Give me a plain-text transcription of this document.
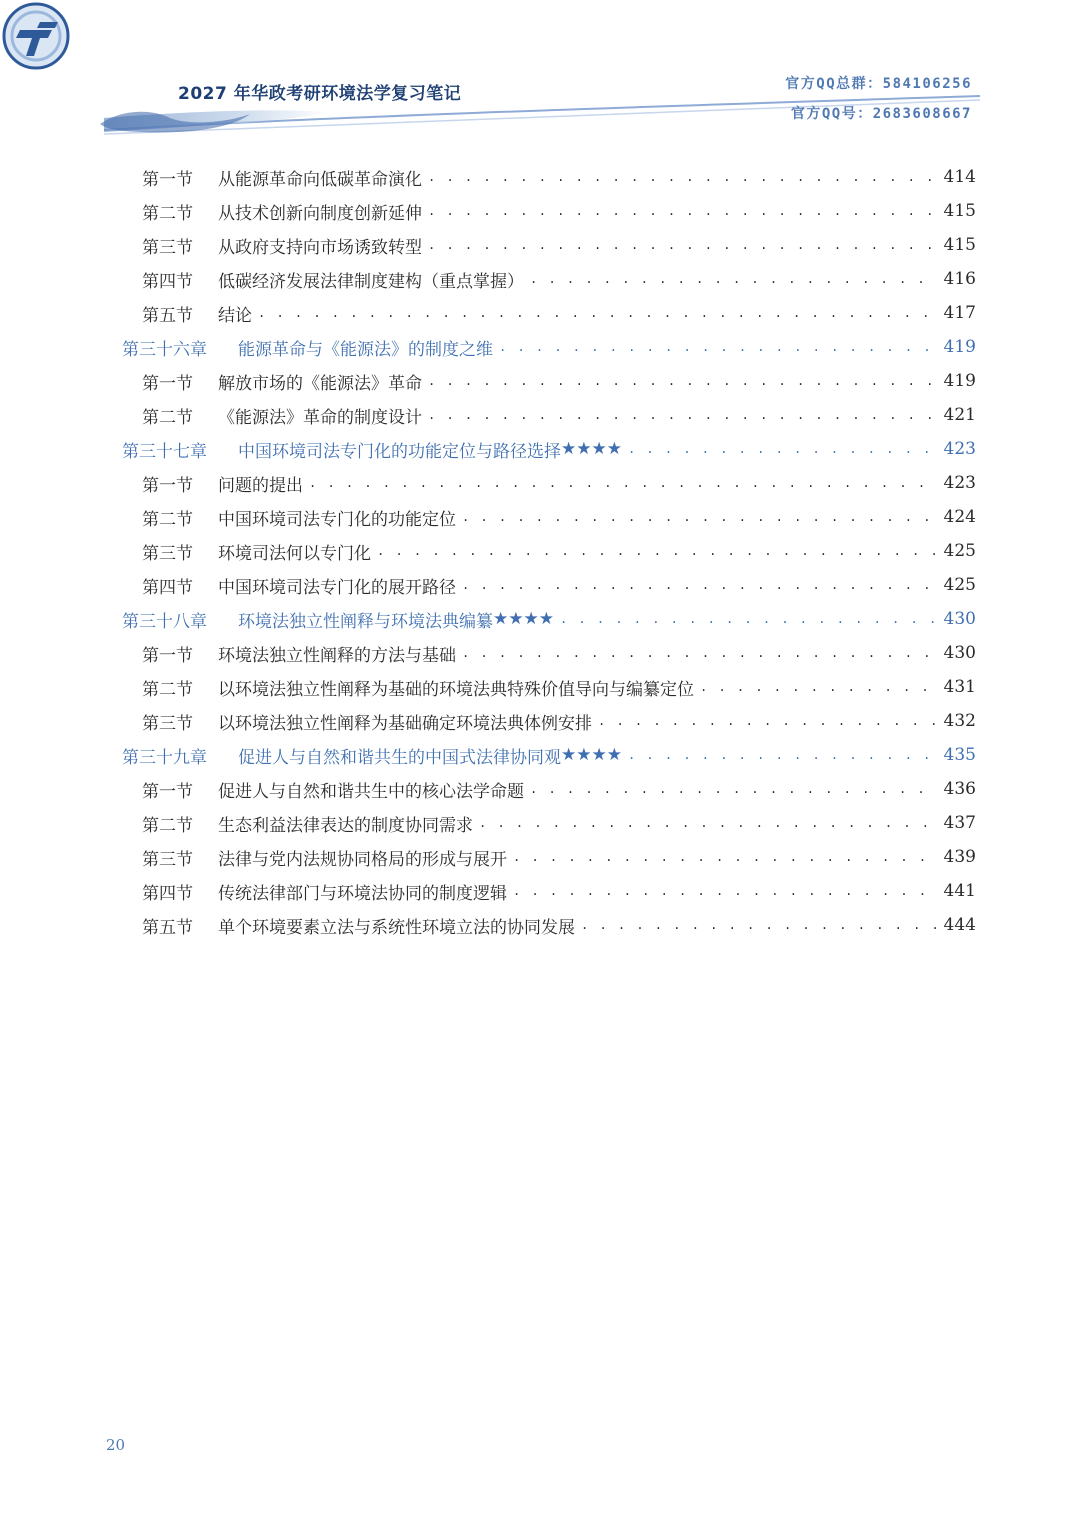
2027 年华政考研环境法学复习笔记	官方QQ总群：584106256
官方QQ号：2683608667
第一节	从能源革命向低碳革命演化 . . .	414
第二节	从技术创新向制度创新延伸 . . .	415
第三节	从政府支持向市场诱致转型 . . .	415
第四节	低碳经济发展法律制度建构（重点掌握） . . .	416
第五节	结论 . . .	417
第三十六章	能源革命与《能源法》的制度之维 . . .	419
第一节	解放市场的《能源法》革命 . . .	419
第二节	《能源法》革命的制度设计 . . .	421
第三十七章	中国环境司法专门化的功能定位与路径选择 ★★★★ . . .	423
第一节	问题的提出 . . .	423
第二节	中国环境司法专门化的功能定位 . . .	424
第三节	环境司法何以专门化 . . .	425
第四节	中国环境司法专门化的展开路径 . . .	425
第三十八章	环境法独立性阐释与环境法典编纂 ★★★★ . . .	430
第一节	环境法独立性阐释的方法与基础 . . .	430
第二节	以环境法独立性阐释为基础的环境法典特殊价值导向与编纂定位 . . .	431
第三节	以环境法独立性阐释为基础确定环境法典体例安排 . . .	432
第三十九章	促进人与自然和谐共生的中国式法律协同观 ★★★★ . . .	435
第一节	促进人与自然和谐共生中的核心法学命题 . . .	436
第二节	生态利益法律表达的制度协同需求 . . .	437
第三节	法律与党内法规协同格局的形成与展开 . . .	439
第四节	传统法律部门与环境法协同的制度逻辑 . . .	441
第五节	单个环境要素立法与系统性环境立法的协同发展 . . .	444
20
